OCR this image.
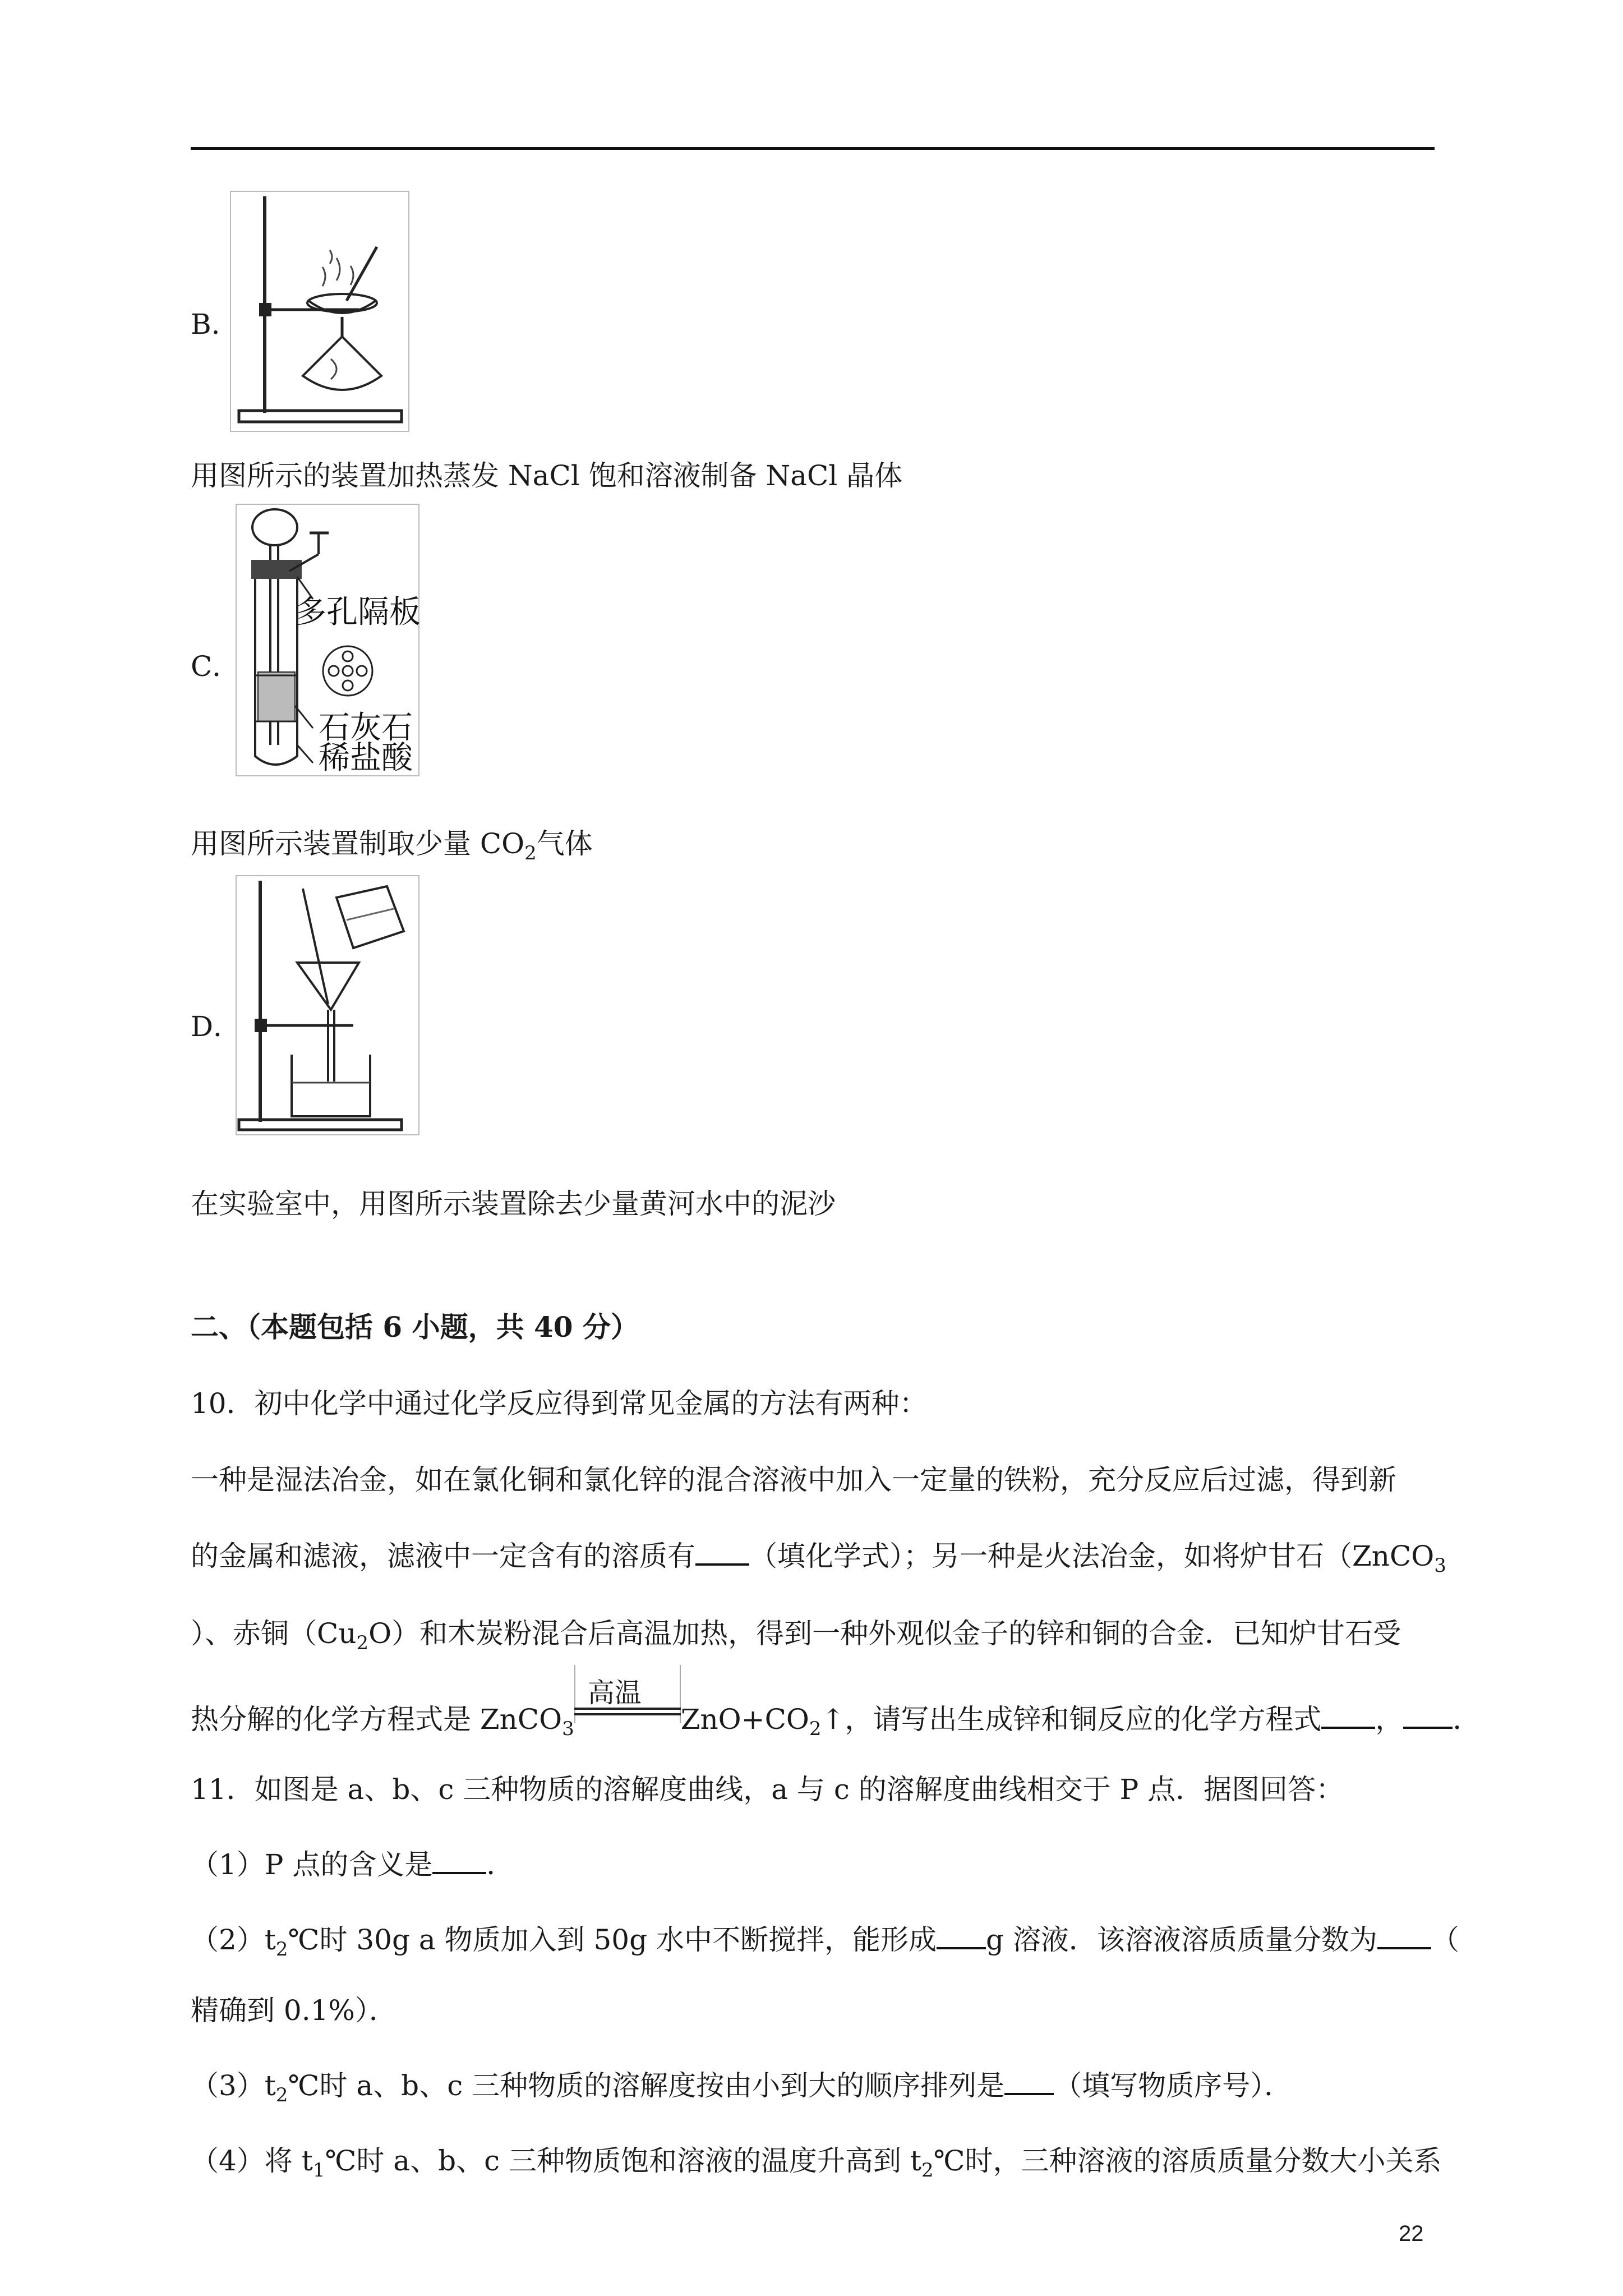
B．
用图所示的装置加热蒸发 NaCl 饱和溶液制备 NaCl 晶体
C．
多孔隔板
石灰石
稀盐酸
用图所示装置制取少量 $CO_2$气体
D．
在实验室中，用图所示装置除去少量黄河水中的泥沙
二、（本题包括 6 小题，共 40 分）
10．初中化学中通过化学反应得到常见金属的方法有两种：
一种是湿法冶金，如在氯化铜和氯化锌的混合溶液中加入一定量的铁粉，充分反应后过滤，得到新
的金属和滤液，滤液中一定含有的溶质有 （填化学式）；另一种是火法冶金，如将炉甘石（ZnCO$_3$
）、赤铜$(Cu_2O)$和木炭粉混合后高温加热，得到一种外观似金子的锌和铜的合金．已知炉甘石受
热分解的化学方程式是 ZnCO$_3$
高温
$ZnO+CO_2↑$，请写出生成锌和铜反应的化学方程式 ， ．
11．如图是 a、b、c 三种物质的溶解度曲线，a 与 c 的溶解度曲线相交于 P 点．据图回答：
（1）P 点的含义是 ．
$(2)t_2℃$时 30g a 物质加入到 50g 水中不断搅拌，能形成 g 溶液．该溶液溶质质量分数为 （
精确到 0.1%）．
$(3)t_2℃$时 a、b、c 三种物质的溶解度按由小到大的顺序排列是 （填写物质序号）．
（4）将 $t_1℃$时 a、b、c 三种物质饱和溶液的温度升高到 $t_2℃$时，三种溶液的溶质质量分数大小关系
22
